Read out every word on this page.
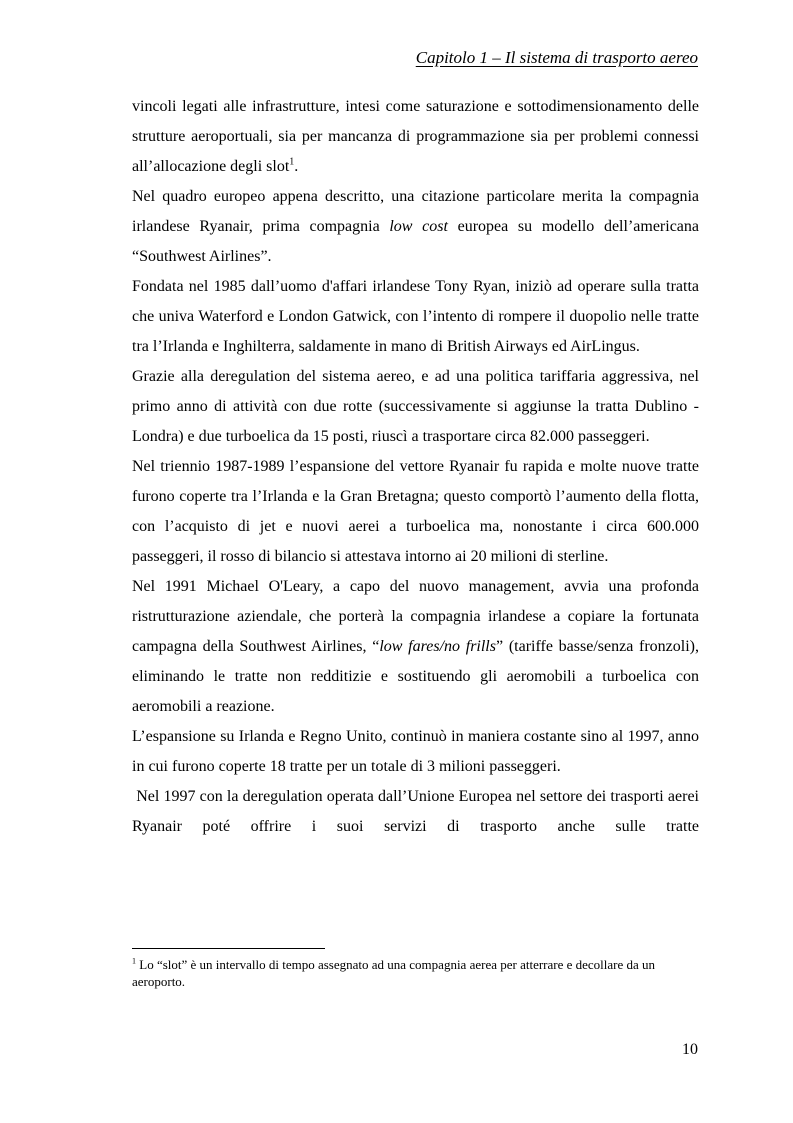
Capitolo 1 – Il sistema di trasporto aereo

vincoli legati alle infrastrutture, intesi come saturazione e sottodimensionamento delle strutture aeroportuali, sia per mancanza di programmazione sia per problemi connessi all’allocazione degli slot$^1$.

Nel quadro europeo appena descritto, una citazione particolare merita la compagnia irlandese Ryanair, prima compagnia low cost europea su modello dell’americana “Southwest Airlines”.

Fondata nel 1985 dall’uomo d'affari irlandese Tony Ryan, iniziò ad operare sulla tratta che univa Waterford e London Gatwick, con l’intento di rompere il duopolio nelle tratte tra l’Irlanda e Inghilterra, saldamente in mano di British Airways ed AirLingus.

Grazie alla deregulation del sistema aereo, e ad una politica tariffaria aggressiva, nel primo anno di attività con due rotte (successivamente si aggiunse la tratta Dublino - Londra) e due turboelica da 15 posti, riuscì a trasportare circa 82.000 passeggeri.

Nel triennio 1987-1989 l’espansione del vettore Ryanair fu rapida e molte nuove tratte furono coperte tra l’Irlanda e la Gran Bretagna; questo comportò l’aumento della flotta, con l’acquisto di jet e nuovi aerei a turboelica ma, nonostante i circa 600.000 passeggeri, il rosso di bilancio si attestava intorno ai 20 milioni di sterline.

Nel 1991 Michael O'Leary, a capo del nuovo management, avvia una profonda ristrutturazione aziendale, che porterà la compagnia irlandese a copiare la fortunata campagna della Southwest Airlines, “low fares/no frills” (tariffe basse/senza fronzoli), eliminando le tratte non redditizie e sostituendo gli aeromobili a turboelica con aeromobili a reazione.

L’espansione su Irlanda e Regno Unito, continuò in maniera costante sino al 1997, anno in cui furono coperte 18 tratte per un totale di 3 milioni passeggeri.

Nel 1997 con la deregulation operata dall’Unione Europea nel settore dei trasporti aerei Ryanair poté offrire i suoi servizi di trasporto anche sulle tratte

$^1$ Lo “slot” è un intervallo di tempo assegnato ad una compagnia aerea per atterrare e decollare da un aeroporto.
10
